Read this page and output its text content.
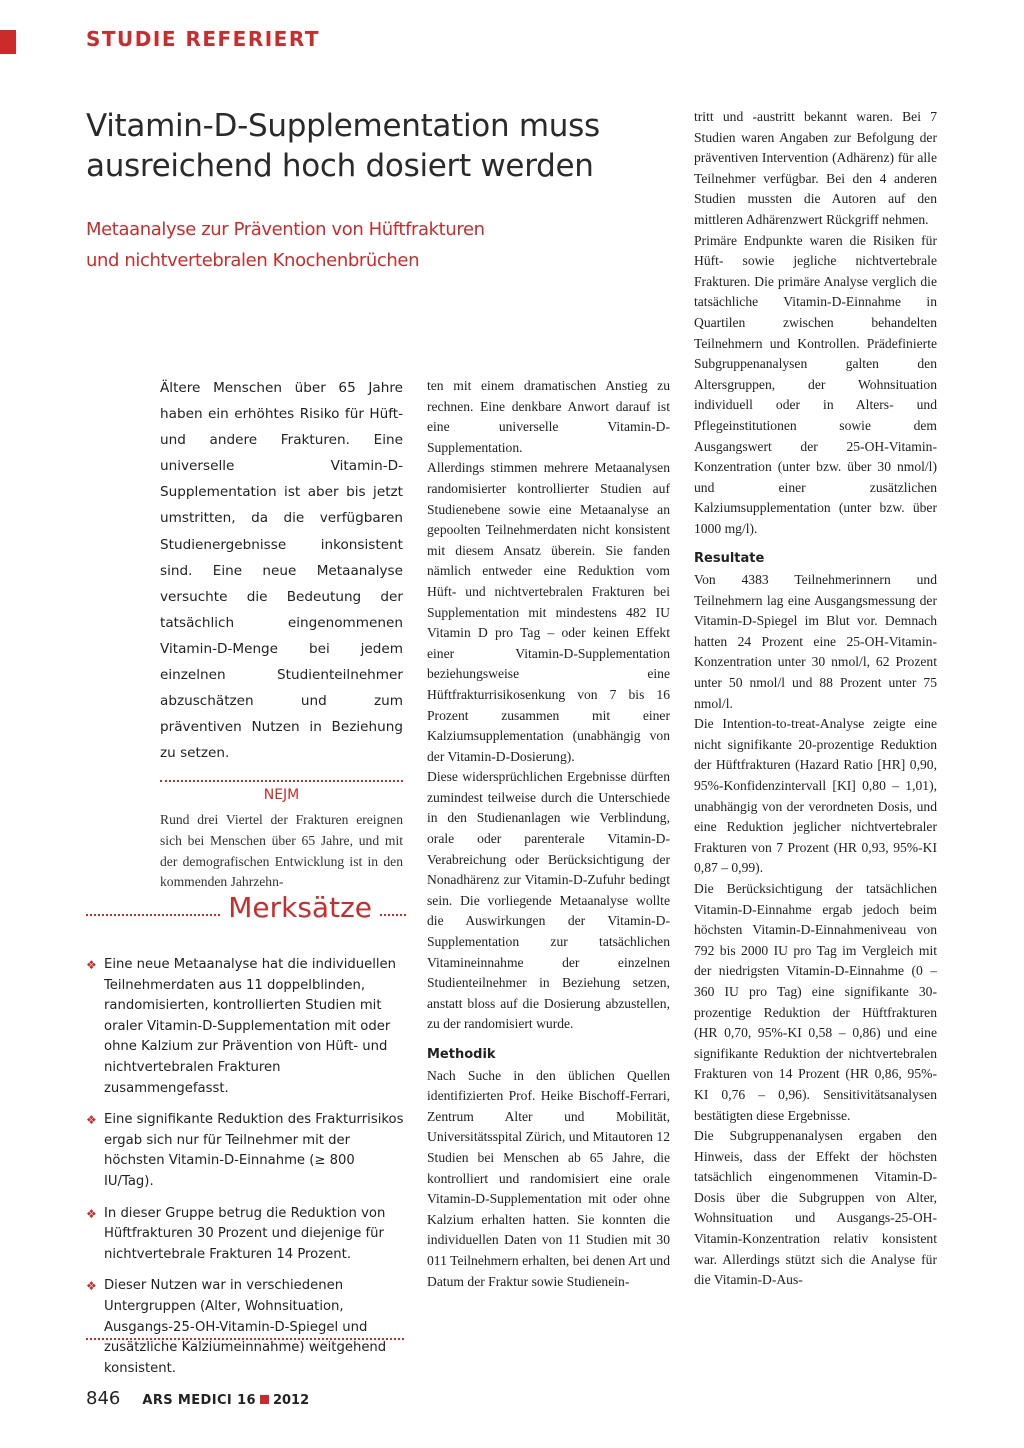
STUDIE REFERIERT
Vitamin-D-Supplementation muss ausreichend hoch dosiert werden
Metaanalyse zur Prävention von Hüftfrakturen
und nichtvertebralen Knochenbrüchen

Ältere Menschen über 65 Jahre haben ein erhöhtes Risiko für Hüft- und andere Frakturen. Eine universelle Vitamin-D-Supplementation ist aber bis jetzt umstritten, da die verfügbaren Studienergebnisse inkonsistent sind. Eine neue Metaanalyse versuchte die Bedeutung der tatsächlich eingenommenen Vitamin-D-Menge bei jedem einzelnen Studienteilnehmer abzuschätzen und zum präventiven Nutzen in Beziehung zu setzen.

NEJM

Rund drei Viertel der Frakturen ereignen sich bei Menschen über 65 Jahre, und mit der demografischen Entwicklung ist in den kommenden Jahrzehn-

ten mit einem dramatischen Anstieg zu rechnen. Eine denkbare Anwort darauf ist eine universelle Vitamin-D-Supplementation.

Allerdings stimmen mehrere Metaanalysen randomisierter kontrollierter Studien auf Studienebene sowie eine Metaanalyse an gepoolten Teilnehmerdaten nicht konsistent mit diesem Ansatz überein. Sie fanden nämlich entweder eine Reduktion vom Hüft- und nichtvertebralen Frakturen bei Supplementation mit mindestens 482 IU Vitamin D pro Tag – oder keinen Effekt einer Vitamin-D-Supplementation beziehungsweise eine Hüftfrakturrisikosenkung von 7 bis 16 Prozent zusammen mit einer Kalziumsupplementation (unabhängig von der Vitamin-D-Dosierung).

Diese widersprüchlichen Ergebnisse dürften zumindest teilweise durch die Unterschiede in den Studienanlagen wie Verblindung, orale oder parenterale Vitamin-D-Verabreichung oder Berücksichtigung der Nonadhärenz zur Vitamin-D-Zufuhr bedingt sein. Die vorliegende Metaanalyse wollte die Auswirkungen der Vitamin-D-Supplementation zur tatsächlichen Vitamineinnahme der einzelnen Studienteilnehmer in Beziehung setzen, anstatt bloss auf die Dosierung abzustellen, zu der randomisiert wurde.

Methodik

Nach Suche in den üblichen Quellen identifizierten Prof. Heike Bischoff-Ferrari, Zentrum Alter und Mobilität, Universitätsspital Zürich, und Mitautoren 12 Studien bei Menschen ab 65 Jahre, die kontrolliert und randomisiert eine orale Vitamin-D-Supplementation mit oder ohne Kalzium erhalten hatten. Sie konnten die individuellen Daten von 11 Studien mit 30 011 Teilnehmern erhalten, bei denen Art und Datum der Fraktur sowie Studienein-

tritt und -austritt bekannt waren. Bei 7 Studien waren Angaben zur Befolgung der präventiven Intervention (Adhärenz) für alle Teilnehmer verfügbar. Bei den 4 anderen Studien mussten die Autoren auf den mittleren Adhärenzwert Rückgriff nehmen.

Primäre Endpunkte waren die Risiken für Hüft- sowie jegliche nichtvertebrale Frakturen. Die primäre Analyse verglich die tatsächliche Vitamin-D-Einnahme in Quartilen zwischen behandelten Teilnehmern und Kontrollen. Prädefinierte Subgruppenanalysen galten den Altersgruppen, der Wohnsituation individuell oder in Alters- und Pflegeinstitutionen sowie dem Ausgangswert der 25-OH-Vitamin-Konzentration (unter bzw. über 30 nmol/l) und einer zusätzlichen Kalziumsupplementation (unter bzw. über 1000 mg/l).

Resultate

Von 4383 Teilnehmerinnern und Teilnehmern lag eine Ausgangsmessung der Vitamin-D-Spiegel im Blut vor. Demnach hatten 24 Prozent eine 25-OH-Vitamin-Konzentration unter 30 nmol/l, 62 Prozent unter 50 nmol/l und 88 Prozent unter 75 nmol/l.

Die Intention-to-treat-Analyse zeigte eine nicht signifikante 20-prozentige Reduktion der Hüftfrakturen (Hazard Ratio [HR] 0,90, 95%-Konfidenzintervall [KI] 0,80 – 1,01), unabhängig von der verordneten Dosis, und eine Reduktion jeglicher nichtvertebraler Frakturen von 7 Prozent (HR 0,93, 95%-KI 0,87 – 0,99).

Die Berücksichtigung der tatsächlichen Vitamin-D-Einnahme ergab jedoch beim höchsten Vitamin-D-Einnahmeniveau von 792 bis 2000 IU pro Tag im Vergleich mit der niedrigsten Vitamin-D-Einnahme (0 – 360 IU pro Tag) eine signifikante 30-prozentige Reduktion der Hüftfrakturen (HR 0,70, 95%-KI 0,58 – 0,86) und eine signifikante Reduktion der nichtvertebralen Frakturen von 14 Prozent (HR 0,86, 95%-KI 0,76 – 0,96). Sensitivitätsanalysen bestätigten diese Ergebnisse.

Die Subgruppenanalysen ergaben den Hinweis, dass der Effekt der höchsten tatsächlich eingenommenen Vitamin-D-Dosis über die Subgruppen von Alter, Wohnsituation und Ausgangs-25-OH-Vitamin-Konzentration relativ konsistent war. Allerdings stützt sich die Analyse für die Vitamin-D-Aus-

Merksätze
❖ Eine neue Metaanalyse hat die individuellen Teilnehmerdaten aus 11 doppelblinden, randomisierten, kontrollierten Studien mit oraler Vitamin-D-Supplementation mit oder ohne Kalzium zur Prävention von Hüft- und nichtvertebralen Frakturen zusammengefasst.
❖ Eine signifikante Reduktion des Frakturrisikos ergab sich nur für Teilnehmer mit der höchsten Vitamin-D-Einnahme (≥ 800 IU/Tag).
❖ In dieser Gruppe betrug die Reduktion von Hüftfrakturen 30 Prozent und diejenige für nichtvertebrale Frakturen 14 Prozent.
❖ Dieser Nutzen war in verschiedenen Untergruppen (Alter, Wohnsituation, Ausgangs-25-OH-Vitamin-D-Spiegel und zusätzliche Kalziumeinnahme) weitgehend konsistent.
846 ARS MEDICI 16 2012
